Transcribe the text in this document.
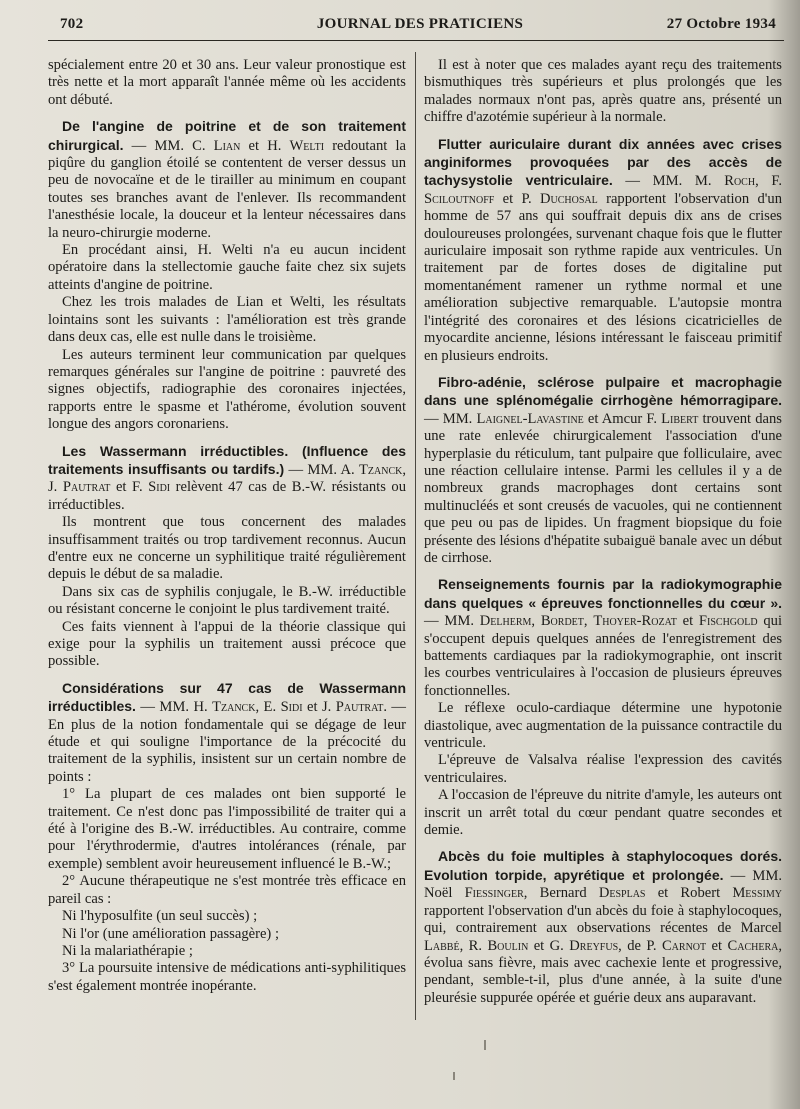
702	JOURNAL DES PRATICIENS	27 Octobre 1934

spécialement entre 20 et 30 ans. Leur valeur pronostique est très nette et la mort apparaît l'année même où les accidents ont débuté.

De l'angine de poitrine et de son traitement chirurgical. — MM. C. Lian et H. Welti redoutant la piqûre du ganglion étoilé se contentent de verser dessus un peu de novocaïne et de le tirailler au minimum en coupant toutes ses branches avant de l'enlever. Ils recommandent l'anesthésie locale, la douceur et la lenteur nécessaires dans la neuro-chirurgie moderne.

En procédant ainsi, H. Welti n'a eu aucun incident opératoire dans la stellectomie gauche faite chez six sujets atteints d'angine de poitrine.

Chez les trois malades de Lian et Welti, les résultats lointains sont les suivants : l'amélioration est très grande dans deux cas, elle est nulle dans le troisième.

Les auteurs terminent leur communication par quelques remarques générales sur l'angine de poitrine : pauvreté des signes objectifs, radiographie des coronaires injectées, rapports entre le spasme et l'athérome, évolution souvent longue des angors coronariens.

Les Wassermann irréductibles. (Influence des traitements insuffisants ou tardifs.) — MM. A. Tzanck, J. Pautrat et F. Sidi relèvent 47 cas de B.-W. résistants ou irréductibles.

Ils montrent que tous concernent des malades insuffisamment traités ou trop tardivement reconnus. Aucun d'entre eux ne concerne un syphilitique traité régulièrement depuis le début de sa maladie.

Dans six cas de syphilis conjugale, le B.-W. irréductible ou résistant concerne le conjoint le plus tardivement traité.

Ces faits viennent à l'appui de la théorie classique qui exige pour la syphilis un traitement aussi précoce que possible.

Considérations sur 47 cas de Wassermann irréductibles. — MM. H. Tzanck, E. Sidi et J. Pautrat. — En plus de la notion fondamentale qui se dégage de leur étude et qui souligne l'importance de la précocité du traitement de la syphilis, insistent sur un certain nombre de points :

1° La plupart de ces malades ont bien supporté le traitement. Ce n'est donc pas l'impossibilité de traiter qui a été à l'origine des B.-W. irréductibles. Au contraire, comme pour l'érythrodermie, d'autres intolérances (rénale, par exemple) semblent avoir heureusement influencé le B.-W.;

2° Aucune thérapeutique ne s'est montrée très efficace en pareil cas :

Ni l'hyposulfite (un seul succès) ;

Ni l'or (une amélioration passagère) ;

Ni la malariathérapie ;

3° La poursuite intensive de médications anti-syphilitiques s'est également montrée inopérante.

Il est à noter que ces malades ayant reçu des traitements bismuthiques très supérieurs et plus prolongés que les malades normaux n'ont pas, après quatre ans, présenté un chiffre d'azotémie supérieur à la normale.

Flutter auriculaire durant dix années avec crises anginiformes provoquées par des accès de tachysystolie ventriculaire. — MM. M. Roch, F. Sciloutnoff et P. Duchosal rapportent l'observation d'un homme de 57 ans qui souffrait depuis dix ans de crises douloureuses prolongées, survenant chaque fois que le flutter auriculaire imposait son rythme rapide aux ventricules. Un traitement par de fortes doses de digitaline put momentanément ramener un rythme normal et une amélioration subjective remarquable. L'autopsie montra l'intégrité des coronaires et des lésions cicatricielles de myocardite ancienne, lésions intéressant le faisceau primitif en plusieurs endroits.

Fibro-adénie, sclérose pulpaire et macrophagie dans une splénomégalie cirrhogène hémorragipare. — MM. Laignel-Lavastine et Amcur F. Libert trouvent dans une rate enlevée chirurgicalement l'association d'une hyperplasie du réticulum, tant pulpaire que folliculaire, avec une réaction cellulaire intense. Parmi les cellules il y a de nombreux grands macrophages dont certains sont multinucléés et sont creusés de vacuoles, qui ne contiennent que peu ou pas de lipides. Un fragment biopsique du foie présente des lésions d'hépatite subaiguë banale avec un début de cirrhose.

Renseignements fournis par la radiokymographie dans quelques « épreuves fonctionnelles du cœur ». — MM. Delherm, Bordet, Thoyer-Rozat et Fischgold qui s'occupent depuis quelques années de l'enregistrement des battements cardiaques par la radiokymographie, ont inscrit les courbes ventriculaires à l'occasion de plusieurs épreuves fonctionnelles.

Le réflexe oculo-cardiaque détermine une hypotonie diastolique, avec augmentation de la puissance contractile du ventricule.

L'épreuve de Valsalva réalise l'expression des cavités ventriculaires.

A l'occasion de l'épreuve du nitrite d'amyle, les auteurs ont inscrit un arrêt total du cœur pendant quatre secondes et demie.

Abcès du foie multiples à staphylocoques dorés. Evolution torpide, apyrétique et prolongée. — MM. Noël Fiessinger, Bernard Desplas et Robert Messimy rapportent l'observation d'un abcès du foie à staphylocoques, qui, contrairement aux observations récentes de Marcel Labbé, R. Boulin et G. Dreyfus, de P. Carnot et Cachera, évolua sans fièvre, mais avec cachexie lente et progressive, pendant, semble-t-il, plus d'une année, à la suite d'une pleurésie suppurée opérée et guérie deux ans auparavant.
